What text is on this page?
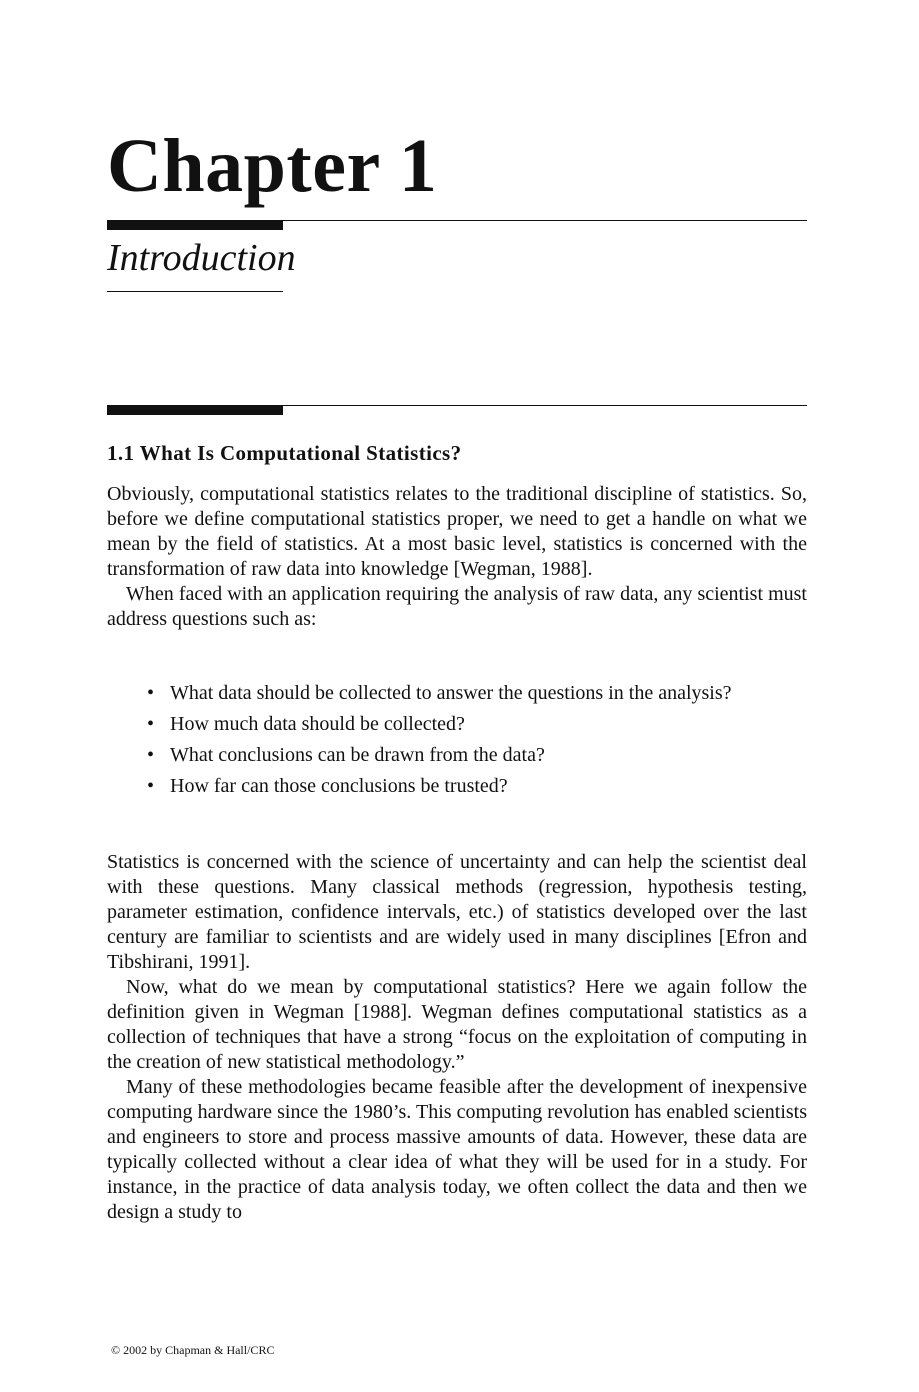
Chapter 1
Introduction
1.1 What Is Computational Statistics?

Obviously, computational statistics relates to the traditional discipline of statistics. So, before we define computational statistics proper, we need to get a handle on what we mean by the field of statistics. At a most basic level, statistics is concerned with the transformation of raw data into knowledge [Wegman, 1988].

When faced with an application requiring the analysis of raw data, any scientist must address questions such as:

• What data should be collected to answer the questions in the analysis?
• How much data should be collected?
• What conclusions can be drawn from the data?
• How far can those conclusions be trusted?

Statistics is concerned with the science of uncertainty and can help the scientist deal with these questions. Many classical methods (regression, hypothesis testing, parameter estimation, confidence intervals, etc.) of statistics developed over the last century are familiar to scientists and are widely used in many disciplines [Efron and Tibshirani, 1991].

Now, what do we mean by computational statistics? Here we again follow the definition given in Wegman [1988]. Wegman defines computational statistics as a collection of techniques that have a strong “focus on the exploitation of computing in the creation of new statistical methodology.”

Many of these methodologies became feasible after the development of inexpensive computing hardware since the 1980’s. This computing revolution has enabled scientists and engineers to store and process massive amounts of data. However, these data are typically collected without a clear idea of what they will be used for in a study. For instance, in the practice of data analysis today, we often collect the data and then we design a study to

© 2002 by Chapman & Hall/CRC
